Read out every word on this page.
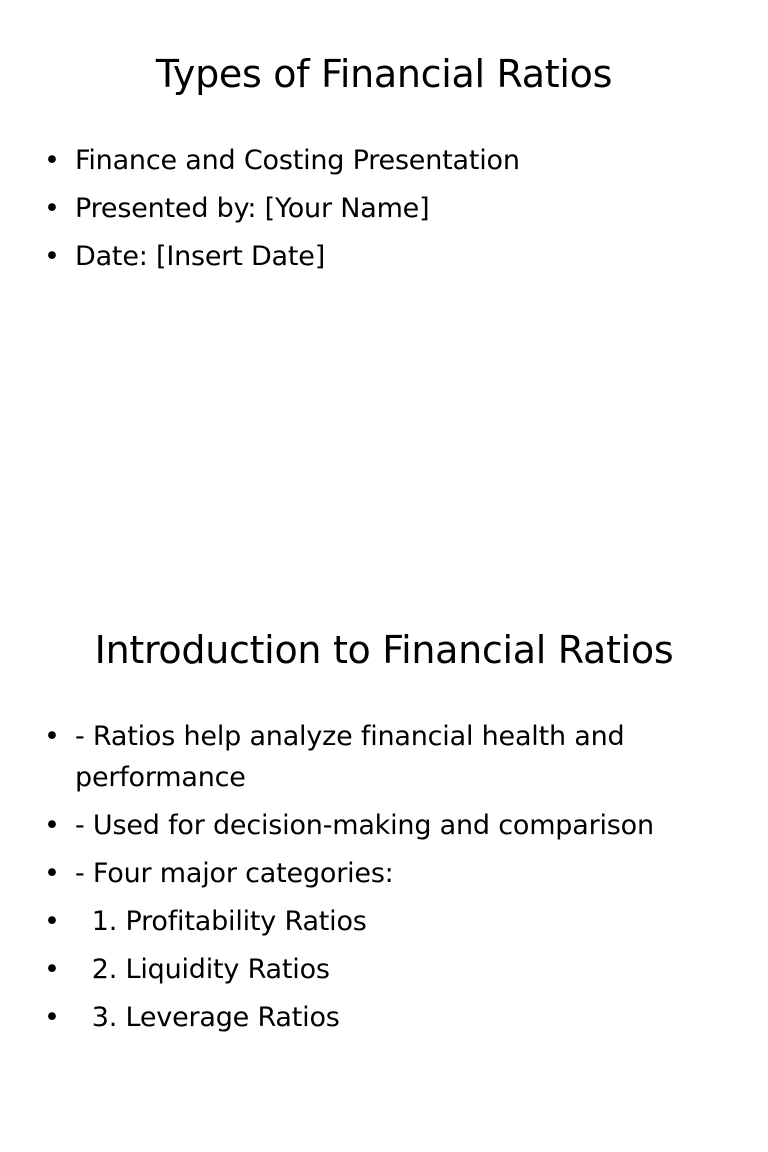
Types of Financial Ratios
• Finance and Costing Presentation
• Presented by: [Your Name]
• Date: [Insert Date]
Introduction to Financial Ratios
• - Ratios help analyze financial health and performance
• - Used for decision-making and comparison
• - Four major categories:
• 1. Profitability Ratios
• 2. Liquidity Ratios
• 3. Leverage Ratios
